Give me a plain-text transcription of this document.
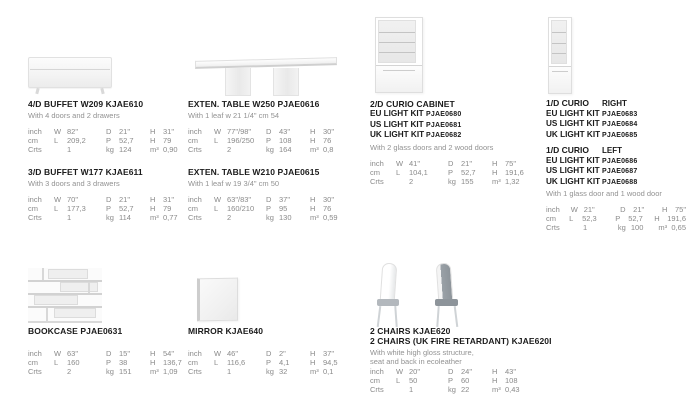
4/D BUFFET W209 KJAE610
With 4 doors and 2 drawers
inch	W 82"	D 21"	H 31"
cm	L 209,2	P 52,7	H 79
Crts	1	kg 124	m³ 0,90
3/D BUFFET W177 KJAE611
With 3 doors and 3 drawers
inch	W 70"	D 21"	H 31"
cm	L 177,3	P 52,7	H 79
Crts	1	kg 114	m³ 0,77
EXTEN. TABLE W250 PJAE0616
With 1 leaf w 21 1/4" cm 54
inch	W 77"/98"	D 43"	H 30"
cm	L 196/250	P 108	H 76
Crts	2	kg 164	m³ 0,8
EXTEN. TABLE W210 PJAE0615
With 1 leaf w 19 3/4" cm 50
inch	W 63"/83"	D 37"	H 30"
cm	L 160/210	P 95	H 76
Crts	2	kg 130	m³ 0,59
2/D CURIO CABINET
EU LIGHT KIT PJAE0680
US LIGHT KIT PJAE0681
UK LIGHT KIT PJAE0682
With 2 glass doors and 2 wood doors
inch	W 41"	D 21"	H 75"
cm	L 104,1	P 52,7	H 191,6
Crts	2	kg 155	m³ 1,32
1/D CURIO	RIGHT
EU LIGHT KIT PJAE0683
US LIGHT KIT PJAE0684
UK LIGHT KIT PJAE0685
1/D CURIO	LEFT
EU LIGHT KIT PJAE0686
US LIGHT KIT PJAE0687
UK LIGHT KIT PJAE0688
With 1 glass door and 1 wood door
inch	W 21"	D 21"	H 75"
cm	L 52,3	P 52,7	H 191,6
Crts	1	kg 100	m³ 0,65
BOOKCASE PJAE0631
inch	W 63"	D 15"	H 54"
cm	L 160	P 38	H 136,7
Crts	2	kg 151	m³ 1,09
MIRROR KJAE640
inch	W 46"	D 2"	H 37"
cm	L 116,6	P 4,1	H 94,5
Crts	1	kg 32	m³ 0,1
2 CHAIRS KJAE620
2 CHAIRS (UK FIRE RETARDANT) KJAE620I
With white high gloss structure,
seat and back in ecoleather
inch	W 20"	D 24"	H 43"
cm	L 50	P 60	H 108
Crts	1	kg 22	m³ 0,43
